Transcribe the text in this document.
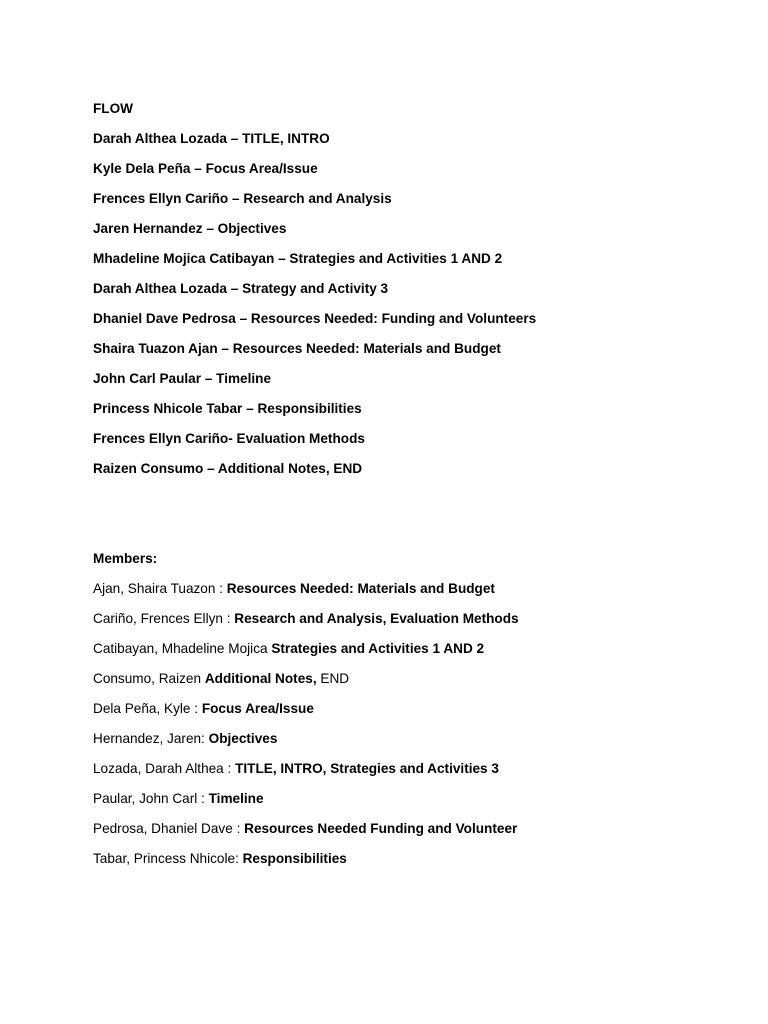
FLOW
Darah Althea Lozada – TITLE, INTRO
Kyle Dela Peña – Focus Area/Issue
Frences Ellyn Cariño – Research and Analysis
Jaren Hernandez – Objectives
Mhadeline Mojica Catibayan – Strategies and Activities 1 AND 2
Darah Althea Lozada – Strategy and Activity 3
Dhaniel Dave Pedrosa – Resources Needed: Funding and Volunteers
Shaira Tuazon Ajan – Resources Needed: Materials and Budget
John Carl Paular – Timeline
Princess Nhicole Tabar – Responsibilities
Frences Ellyn Cariño- Evaluation Methods
Raizen Consumo – Additional Notes, END
Members:
Ajan, Shaira Tuazon : Resources Needed: Materials and Budget
Cariño, Frences Ellyn : Research and Analysis, Evaluation Methods
Catibayan, Mhadeline Mojica Strategies and Activities 1 AND 2
Consumo, Raizen Additional Notes, END
Dela Peña, Kyle : Focus Area/Issue
Hernandez, Jaren: Objectives
Lozada, Darah Althea : TITLE, INTRO, Strategies and Activities 3
Paular, John Carl : Timeline
Pedrosa, Dhaniel Dave : Resources Needed Funding and Volunteer
Tabar, Princess Nhicole: Responsibilities
